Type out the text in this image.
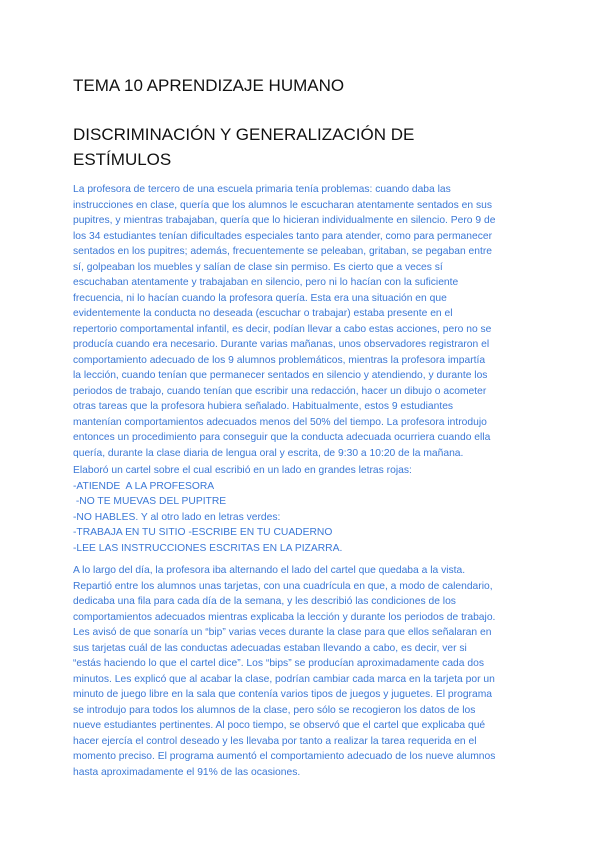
TEMA 10 APRENDIZAJE HUMANO
DISCRIMINACIÓN Y GENERALIZACIÓN DE
ESTÍMULOS
La profesora de tercero de una escuela primaria tenía problemas: cuando daba las
instrucciones en clase, quería que los alumnos le escucharan atentamente sentados en sus
pupitres, y mientras trabajaban, quería que lo hicieran individualmente en silencio. Pero 9 de
los 34 estudiantes tenían dificultades especiales tanto para atender, como para permanecer
sentados en los pupitres; además, frecuentemente se peleaban, gritaban, se pegaban entre
sí, golpeaban los muebles y salían de clase sin permiso. Es cierto que a veces sí
escuchaban atentamente y trabajaban en silencio, pero ni lo hacían con la suficiente
frecuencia, ni lo hacían cuando la profesora quería. Esta era una situación en que
evidentemente la conducta no deseada (escuchar o trabajar) estaba presente en el
repertorio comportamental infantil, es decir, podían llevar a cabo estas acciones, pero no se
producía cuando era necesario. Durante varias mañanas, unos observadores registraron el
comportamiento adecuado de los 9 alumnos problemáticos, mientras la profesora impartía
la lección, cuando tenían que permanecer sentados en silencio y atendiendo, y durante los
periodos de trabajo, cuando tenían que escribir una redacción, hacer un dibujo o acometer
otras tareas que la profesora hubiera señalado. Habitualmente, estos 9 estudiantes
mantenían comportamientos adecuados menos del 50% del tiempo. La profesora introdujo
entonces un procedimiento para conseguir que la conducta adecuada ocurriera cuando ella
quería, durante la clase diaria de lengua oral y escrita, de 9:30 a 10:20 de la mañana.
Elaboró un cartel sobre el cual escribió en un lado en grandes letras rojas:
-ATIENDE  A LA PROFESORA
-NO TE MUEVAS DEL PUPITRE
-NO HABLES. Y al otro lado en letras verdes:
-TRABAJA EN TU SITIO -ESCRIBE EN TU CUADERNO
-LEE LAS INSTRUCCIONES ESCRITAS EN LA PIZARRA.
A lo largo del día, la profesora iba alternando el lado del cartel que quedaba a la vista.
Repartió entre los alumnos unas tarjetas, con una cuadrícula en que, a modo de calendario,
dedicaba una fila para cada día de la semana, y les describió las condiciones de los
comportamientos adecuados mientras explicaba la lección y durante los periodos de trabajo.
Les avisó de que sonaría un “bip” varias veces durante la clase para que ellos señalaran en
sus tarjetas cuál de las conductas adecuadas estaban llevando a cabo, es decir, ver si
“estás haciendo lo que el cartel dice”. Los “bips” se producían aproximadamente cada dos
minutos. Les explicó que al acabar la clase, podrían cambiar cada marca en la tarjeta por un
minuto de juego libre en la sala que contenía varios tipos de juegos y juguetes. El programa
se introdujo para todos los alumnos de la clase, pero sólo se recogieron los datos de los
nueve estudiantes pertinentes. Al poco tiempo, se observó que el cartel que explicaba qué
hacer ejercía el control deseado y les llevaba por tanto a realizar la tarea requerida en el
momento preciso. El programa aumentó el comportamiento adecuado de los nueve alumnos
hasta aproximadamente el 91% de las ocasiones.
